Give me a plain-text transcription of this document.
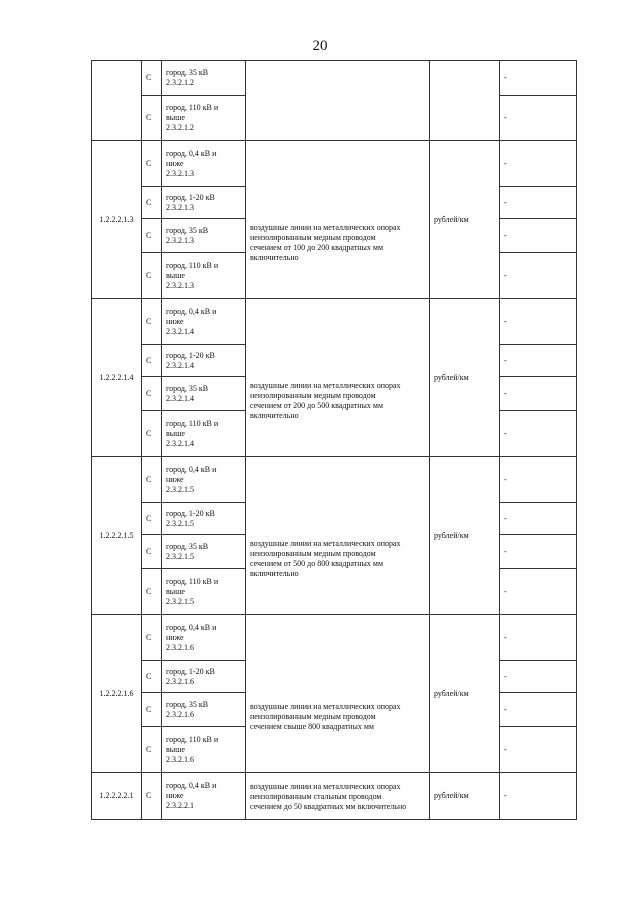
20
	С	город, 35 кВ
2.3.2.1.2			-
	С	город, 110 кВ и
выше
2.3.2.1.2			-
1.2.2.2.1.3	С	город, 0,4 кВ и
ниже
2.3.2.1.3	воздушные линии на металлических опорах
неизолированным медным проводом
сечением от 100 до 200 квадратных мм
включительно	рублей/км	-
	С	город, 1-20 кВ
2.3.2.1.3			-
	С	город, 35 кВ
2.3.2.1.3			-
	С	город, 110 кВ и
выше
2.3.2.1.3			-
1.2.2.2.1.4	С	город, 0,4 кВ и
ниже
2.3.2.1.4	воздушные линии на металлических опорах
неизолированным медным проводом
сечением от 200 до 500 квадратных мм
включительно	рублей/км	-
	С	город, 1-20 кВ
2.3.2.1.4			-
	С	город, 35 кВ
2.3.2.1.4			-
	С	город, 110 кВ и
выше
2.3.2.1.4			-
1.2.2.2.1.5	С	город, 0,4 кВ и
ниже
2.3.2.1.5	воздушные линии на металлических опорах
неизолированным медным проводом
сечением от 500 до 800 квадратных мм
включительно	рублей/км	-
	С	город, 1-20 кВ
2.3.2.1.5			-
	С	город, 35 кВ
2.3.2.1.5			-
	С	город, 110 кВ и
выше
2.3.2.1.5			-
1.2.2.2.1.6	С	город, 0,4 кВ и
ниже
2.3.2.1.6	воздушные линии на металлических опорах
неизолированным медным проводом
сечением свыше 800 квадратных мм	рублей/км	-
	С	город, 1-20 кВ
2.3.2.1.6			-
	С	город, 35 кВ
2.3.2.1.6			-
	С	город, 110 кВ и
выше
2.3.2.1.6			-
1.2.2.2.2.1	С	город, 0,4 кВ и
ниже
2.3.2.2.1	воздушные линии на металлических опорах
неизолированным стальным проводом
сечением до 50 квадратных мм включительно	рублей/км	-
